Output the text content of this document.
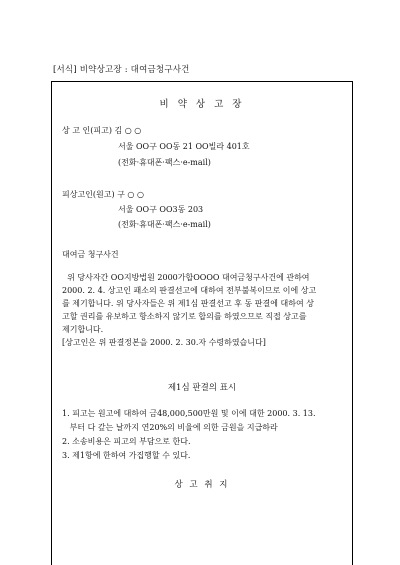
[서식] 비약상고장 : 대여금청구사건
비 약 상 고 장
상 고 인(피고) 김 ○ ○
서울 OO구 OO동 21 OO빌라 401호
(전화·휴대폰·팩스·e-mail)
피상고인(원고) 구 ○ ○
서울 OO구 OO3동 203
(전화·휴대폰·팩스·e-mail)
대여금 청구사건
위 당사자간 OO지방법원 2000가합OOOO 대여금청구사건에 관하여
2000. 2. 4. 상고인 패소의 판결선고에 대하여 전부불복이므로 이에 상고
를 제기합니다. 위 당사자들은 위 제1심 판결선고 후 동 판결에 대하여 상
고할 권리를 유보하고 항소하지 않기로 합의를 하였으므로 직접 상고를
제기합니다.
[상고인은 위 판결정본을 2000. 2. 30.자 수령하였습니다]
제1심 판결의 표시
1. 피고는 원고에 대하여 금48,000,500만원 및 이에 대한 2000. 3. 13.
부터 다 갚는 날까지 연20%의 비율에 의한 금원을 지급하라
2. 소송비용은 피고의 부담으로 한다.
3. 제1항에 한하여 가집행할 수 있다.
상 고 취 지
